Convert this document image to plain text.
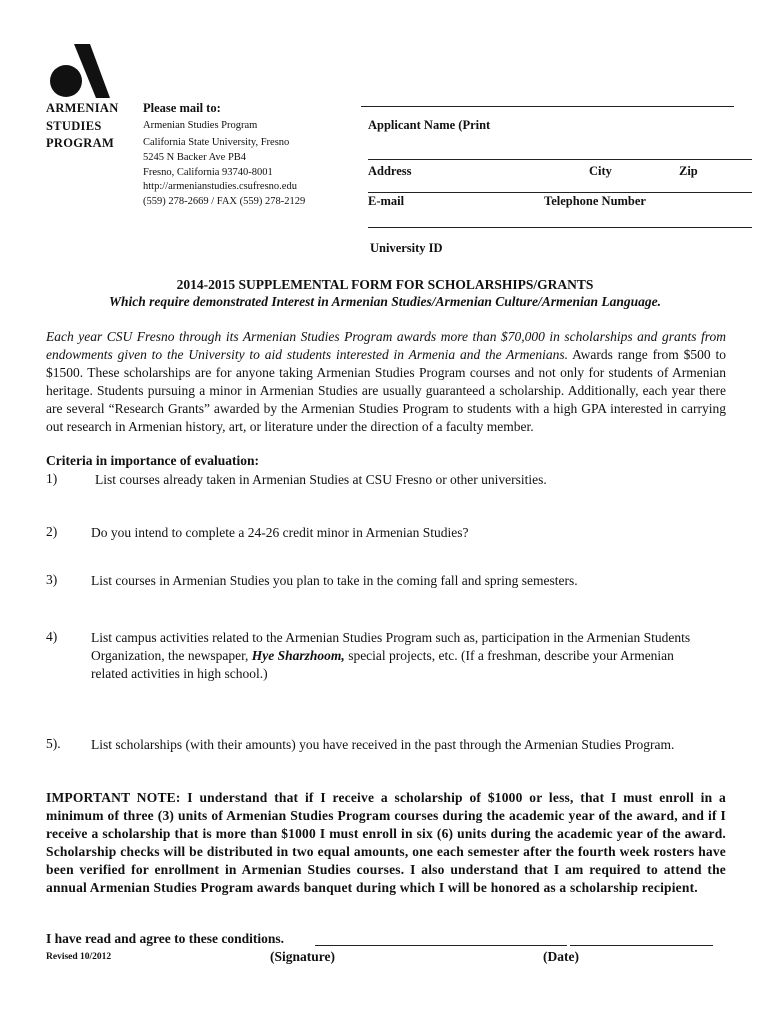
ARMENIAN
STUDIES
PROGRAM
Please mail to:
Armenian Studies Program
California State University, Fresno
5245 N Backer Ave PB4
Fresno, California 93740-8001
http://armenianstudies.csufresno.edu
(559) 278-2669 / FAX (559) 278-2129
Applicant Name (Print
Address	City	Zip
E-mail	Telephone Number
University ID
2014-2015 SUPPLEMENTAL FORM FOR SCHOLARSHIPS/GRANTS
Which require demonstrated Interest in Armenian Studies/Armenian Culture/Armenian Language.
Each year CSU Fresno through its Armenian Studies Program awards more than $70,000 in scholarships and grants from endowments given to the University to aid students interested in Armenia and the Armenians. Awards range from $500 to $1500. These scholarships are for anyone taking Armenian Studies Program courses and not only for students of Armenian heritage. Students pursuing a minor in Armenian Studies are usually guaranteed a scholarship. Additionally, each year there are several “Research Grants” awarded by the Armenian Studies Program to students with a high GPA interested in carrying out research in Armenian history, art, or literature under the direction of a faculty member.
Criteria in importance of evaluation:
1)	List courses already taken in Armenian Studies at CSU Fresno or other universities.
2)	Do you intend to complete a 24-26 credit minor in Armenian Studies?
3)	List courses in Armenian Studies you plan to take in the coming fall and spring semesters.
4)	List campus activities related to the Armenian Studies Program such as, participation in the Armenian Students Organization, the newspaper, Hye Sharzhoom, special projects, etc. (If a freshman, describe your Armenian related activities in high school.)
5). List scholarships (with their amounts) you have received in the past through the Armenian Studies Program.
IMPORTANT NOTE: I understand that if I receive a scholarship of $1000 or less, that I must enroll in a minimum of three (3) units of Armenian Studies Program courses during the academic year of the award, and if I receive a scholarship that is more than $1000 I must enroll in six (6) units during the academic year of the award. Scholarship checks will be distributed in two equal amounts, one each semester after the fourth week rosters have been verified for enrollment in Armenian Studies courses. I also understand that I am required to attend the annual Armenian Studies Program awards banquet during which I will be honored as a scholarship recipient.
I have read and agree to these conditions.
Revised 10/2012	(Signature)	(Date)
